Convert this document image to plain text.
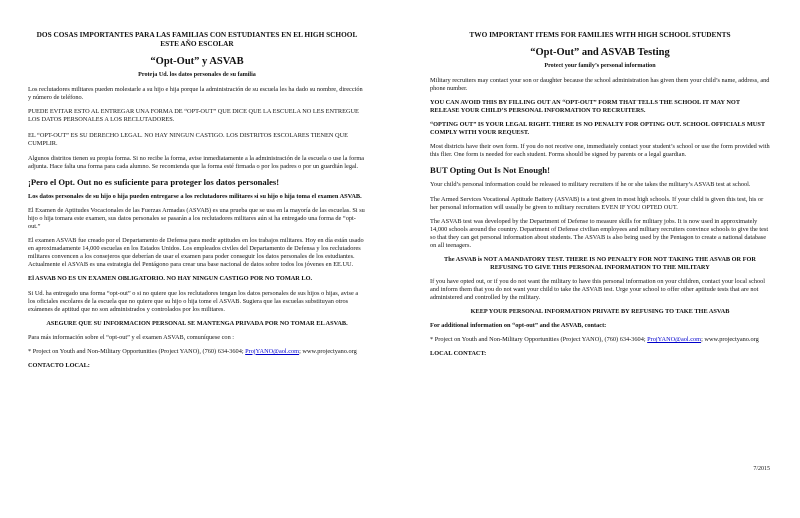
DOS COSAS IMPORTANTES PARA LAS FAMILIAS CON ESTUDIANTES EN EL HIGH SCHOOL ESTE AÑO ESCOLAR
“Opt-Out” y ASVAB
Proteja Ud. los datos personales de su familia

Los reclutadores militares pueden molestarle a su hijo e hija porque la administración de su escuela les ha dado su nombre, dirección y número de teléfono.

PUEDE EVITAR ESTO AL ENTREGAR UNA FORMA DE “OPT-OUT” QUE DICE QUE LA ESCUELA NO LES ENTREGUE LOS DATOS PERSONALES A LOS RECLUTADORES.

EL “OPT-OUT” ES SU DERECHO LEGAL. NO HAY NINGUN CASTIGO. LOS DISTRITOS ESCOLARES TIENEN QUE CUMPLIR.

Algunos distritos tienen su propia forma. Si no recibe la forma, avise inmediatamente a la administración de la escuela o use la forma adjunta. Hace falta una forma para cada alumno. Se recomienda que la forma esté firmada o por los padres o por un guardián legal.

¡Pero el Opt. Out no es suficiente para proteger los datos personales!

Los datos personales de su hijo o hija pueden entregarse a los reclutadores militares si su hijo o hija toma el examen ASVAB.

El Examen de Aptitudes Vocacionales de las Fuerzas Armadas (ASVAB) es una prueba que se usa en la mayoría de las escuelas. Si su hijo o hija tomara este examen, sus datos personales se pasarán a los reclutadores militares aún si ha entregado una forma de “opt-out.”

El examen ASVAB fue creado por el Departamento de Defensa para medir aptitudes en los trabajos militares. Hoy en día están usado en aproximadamente 14,000 escuelas en los Estados Unidos. Los empleados civiles del Departamento de Defensa y los reclutadores militares convencen a los consejeros que deberían de usar el examen para poder conseguir los datos personales de los estudiantes. Actualmente el ASVAB es una estrategia del Pentágono para crear una base nacional de datos sobre todos los jóvenes en EE.UU.

El ASVAB NO ES UN EXAMEN OBLIGATORIO. NO HAY NINGUN CASTIGO POR NO TOMAR LO.

Si Ud. ha entregado una forma “opt-out” o si no quiere que los reclutadores tengan los datos personales de sus hijos o hijas, avise a los oficiales escolares de la escuela que no quiere que su hijo o hija tome el ASVAB. Sugiera que las escuelas substituyan otros exámenes de aptitud que no son administrados y controlados por los militares.

ASEGURE QUE SU INFORMACION PERSONAL SE MANTENGA PRIVADA POR NO TOMAR EL ASVAB.

Para más información sobre el “opt-out” y el examen ASVAB, comuníquese con :

* Project on Youth and Non-Military Opportunities (Project YANO), (760) 634-3604; ProjYANO@aol.com; www.projectyano.org

CONTACTO LOCAL:
TWO IMPORTANT ITEMS FOR FAMILIES WITH HIGH SCHOOL STUDENTS
“Opt-Out” and ASVAB Testing
Protect your family’s personal information

Military recruiters may contact your son or daughter because the school administration has given them your child’s name, address, and phone number.

YOU CAN AVOID THIS BY FILLING OUT AN “OPT-OUT” FORM THAT TELLS THE SCHOOL IT MAY NOT RELEASE YOUR CHILD’S PERSONAL INFORMATION TO RECRUITERS.

“OPTING OUT” IS YOUR LEGAL RIGHT. THERE IS NO PENALTY FOR OPTING OUT. SCHOOL OFFICIALS MUST COMPLY WITH YOUR REQUEST.

Most districts have their own form. If you do not receive one, immediately contact your student’s school or use the form provided with this flier. One form is needed for each student. Forms should be signed by parents or a legal guardian.

BUT Opting Out Is Not Enough!

Your child’s personal information could be released to military recruiters if he or she takes the military’s ASVAB test at school.

The Armed Services Vocational Aptitude Battery (ASVAB) is a test given in most high schools. If your child is given this test, his or her personal information will usually be given to military recruiters EVEN IF YOU OPTED OUT.

The ASVAB test was developed by the Department of Defense to measure skills for military jobs. It is now used in approximately 14,000 schools around the country. Department of Defense civilian employees and military recruiters convince schools to give the test so that they can get personal information about students. The ASVAB is also being used by the Pentagon to create a national database on all teenagers.

The ASVAB is NOT A MANDATORY TEST. THERE IS NO PENALTY FOR NOT TAKING THE ASVAB OR FOR REFUSING TO GIVE THIS PERSONAL INFORMATION TO THE MILITARY

If you have opted out, or if you do not want the military to have this personal information on your children, contact your local school and inform them that you do not want your child to take the ASVAB test. Urge your school to offer other aptitude tests that are not administered and controlled by the military.

KEEP YOUR PERSONAL INFORMATION PRIVATE BY REFUSING TO TAKE THE ASVAB

For additional information on “opt-out” and the ASVAB, contact:

* Project on Youth and Non-Military Opportunities (Project YANO), (760) 634-3604; ProjYANO@aol.com; www.projectyano.org

LOCAL CONTACT:
7/2015
